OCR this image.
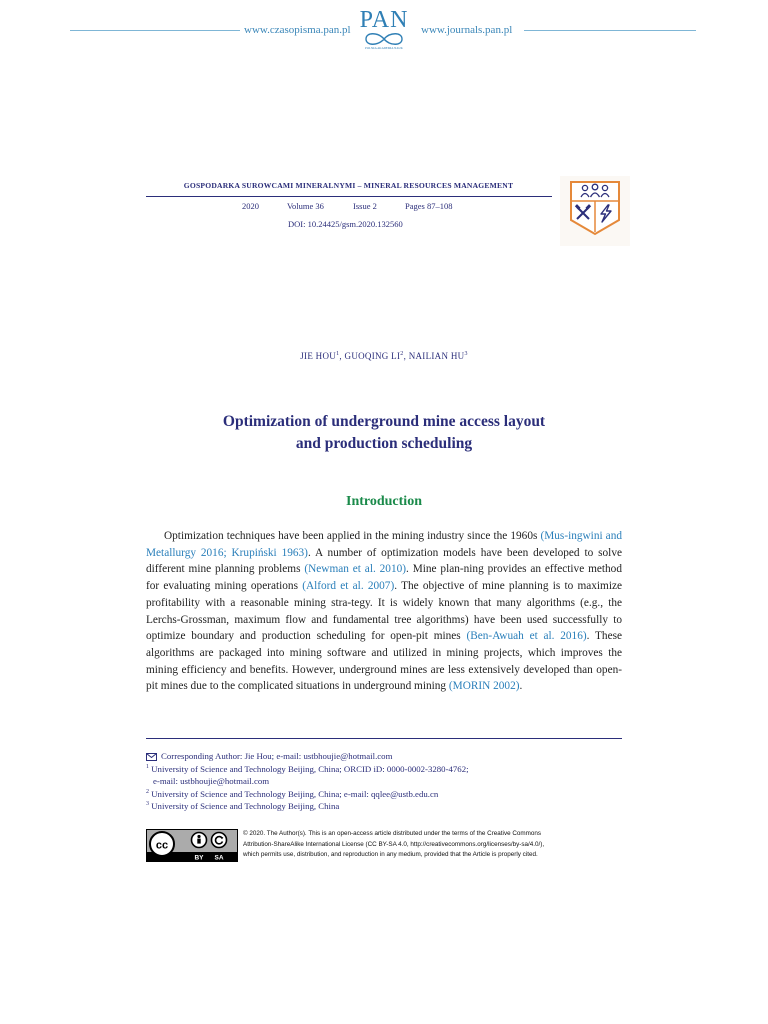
www.czasopisma.pan.pl PAN
POLSKA AKADEMIA NAUK
www.journals.pan.pl
GOSPODARKA SUROWCAMI MINERALNYMI – MINERAL RESOURCES MANAGEMENT
2020	Volume 36	Issue 2	Pages 87–108
DOI: 10.24425/gsm.2020.132560
JIE HOU$^1$, GUOQING $LI^2$, NAILIAN $HU^3$
Optimization of underground mine access layout
and production scheduling
Introduction

Optimization techniques have been applied in the mining industry since the 1960s (Mus-ingwini and Metallurgy 2016; Krupiński 1963). A number of optimization models have been developed to solve different mine planning problems (Newman et al. 2010). Mine plan-ning provides an effective method for evaluating mining operations (Alford et al. 2007). The objective of mine planning is to maximize profitability with a reasonable mining stra-tegy. It is widely known that many algorithms (e.g., the Lerchs-Grossman, maximum flow and fundamental tree algorithms) have been used successfully to optimize boundary and production scheduling for open-pit mines (Ben-Awuah et al. 2016). These algorithms are packaged into mining software and utilized in mining projects, which improves the mining efficiency and benefits. However, underground mines are less extensively developed than open-pit mines due to the complicated situations in underground mining (MORIN 2002).

Corresponding Author: Jie Hou; e-mail: ustbhoujie@hotmail.com
$^1$ University of Science and Technology Beijing, China; ORCID iD: 0000-0002-3280-4762;
e-mail: ustbhoujie@hotmail.com
$^2$ University of Science and Technology Beijing, China; e-mail: qqlee@ustb.edu.cn
$^3$ University of Science and Technology Beijing, China
cc
BY SA
© 2020. The Author(s). This is an open-access article distributed under the terms of the Creative Commons
Attribution-ShareAlike International License (CC BY-SA 4.0, http://creativecommons.org/licenses/by-sa/4.0/),
which permits use, distribution, and reproduction in any medium, provided that the Article is properly cited.
